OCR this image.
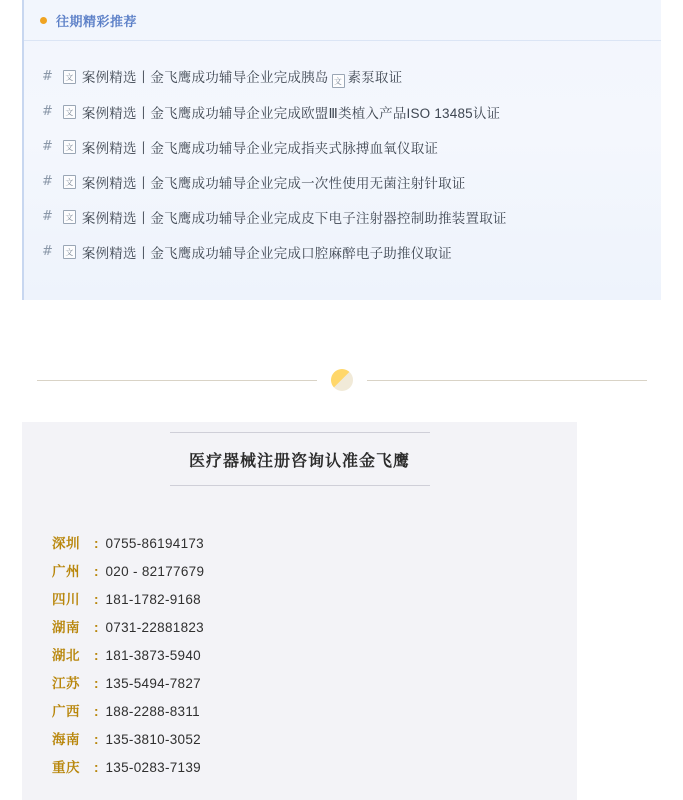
往期精彩推荐
#	文 案例精选丨金飞鹰成功辅导企业完成胰岛 文 素泵取证
#	文 案例精选丨金飞鹰成功辅导企业完成欧盟Ⅲ类植入产品ISO 13485认证
#	文 案例精选丨金飞鹰成功辅导企业完成指夹式脉搏血氧仪取证
#	文 案例精选丨金飞鹰成功辅导企业完成一次性使用无菌注射针取证
#	文 案例精选丨金飞鹰成功辅导企业完成皮下电子注射器控制助推装置取证
#	文 案例精选丨金飞鹰成功辅导企业完成口腔麻醉电子助推仪取证
医疗器械注册咨询认准金飞鹰
深圳	: 0755-86194173
广州	: 020 - 82177679
四川	: 181-1782-9168
湖南	: 0731-22881823
湖北	: 181-3873-5940
江苏	: 135-5494-7827
广西	: 188-2288-8311
海南	: 135-3810-3052
重庆	: 135-0283-7139
